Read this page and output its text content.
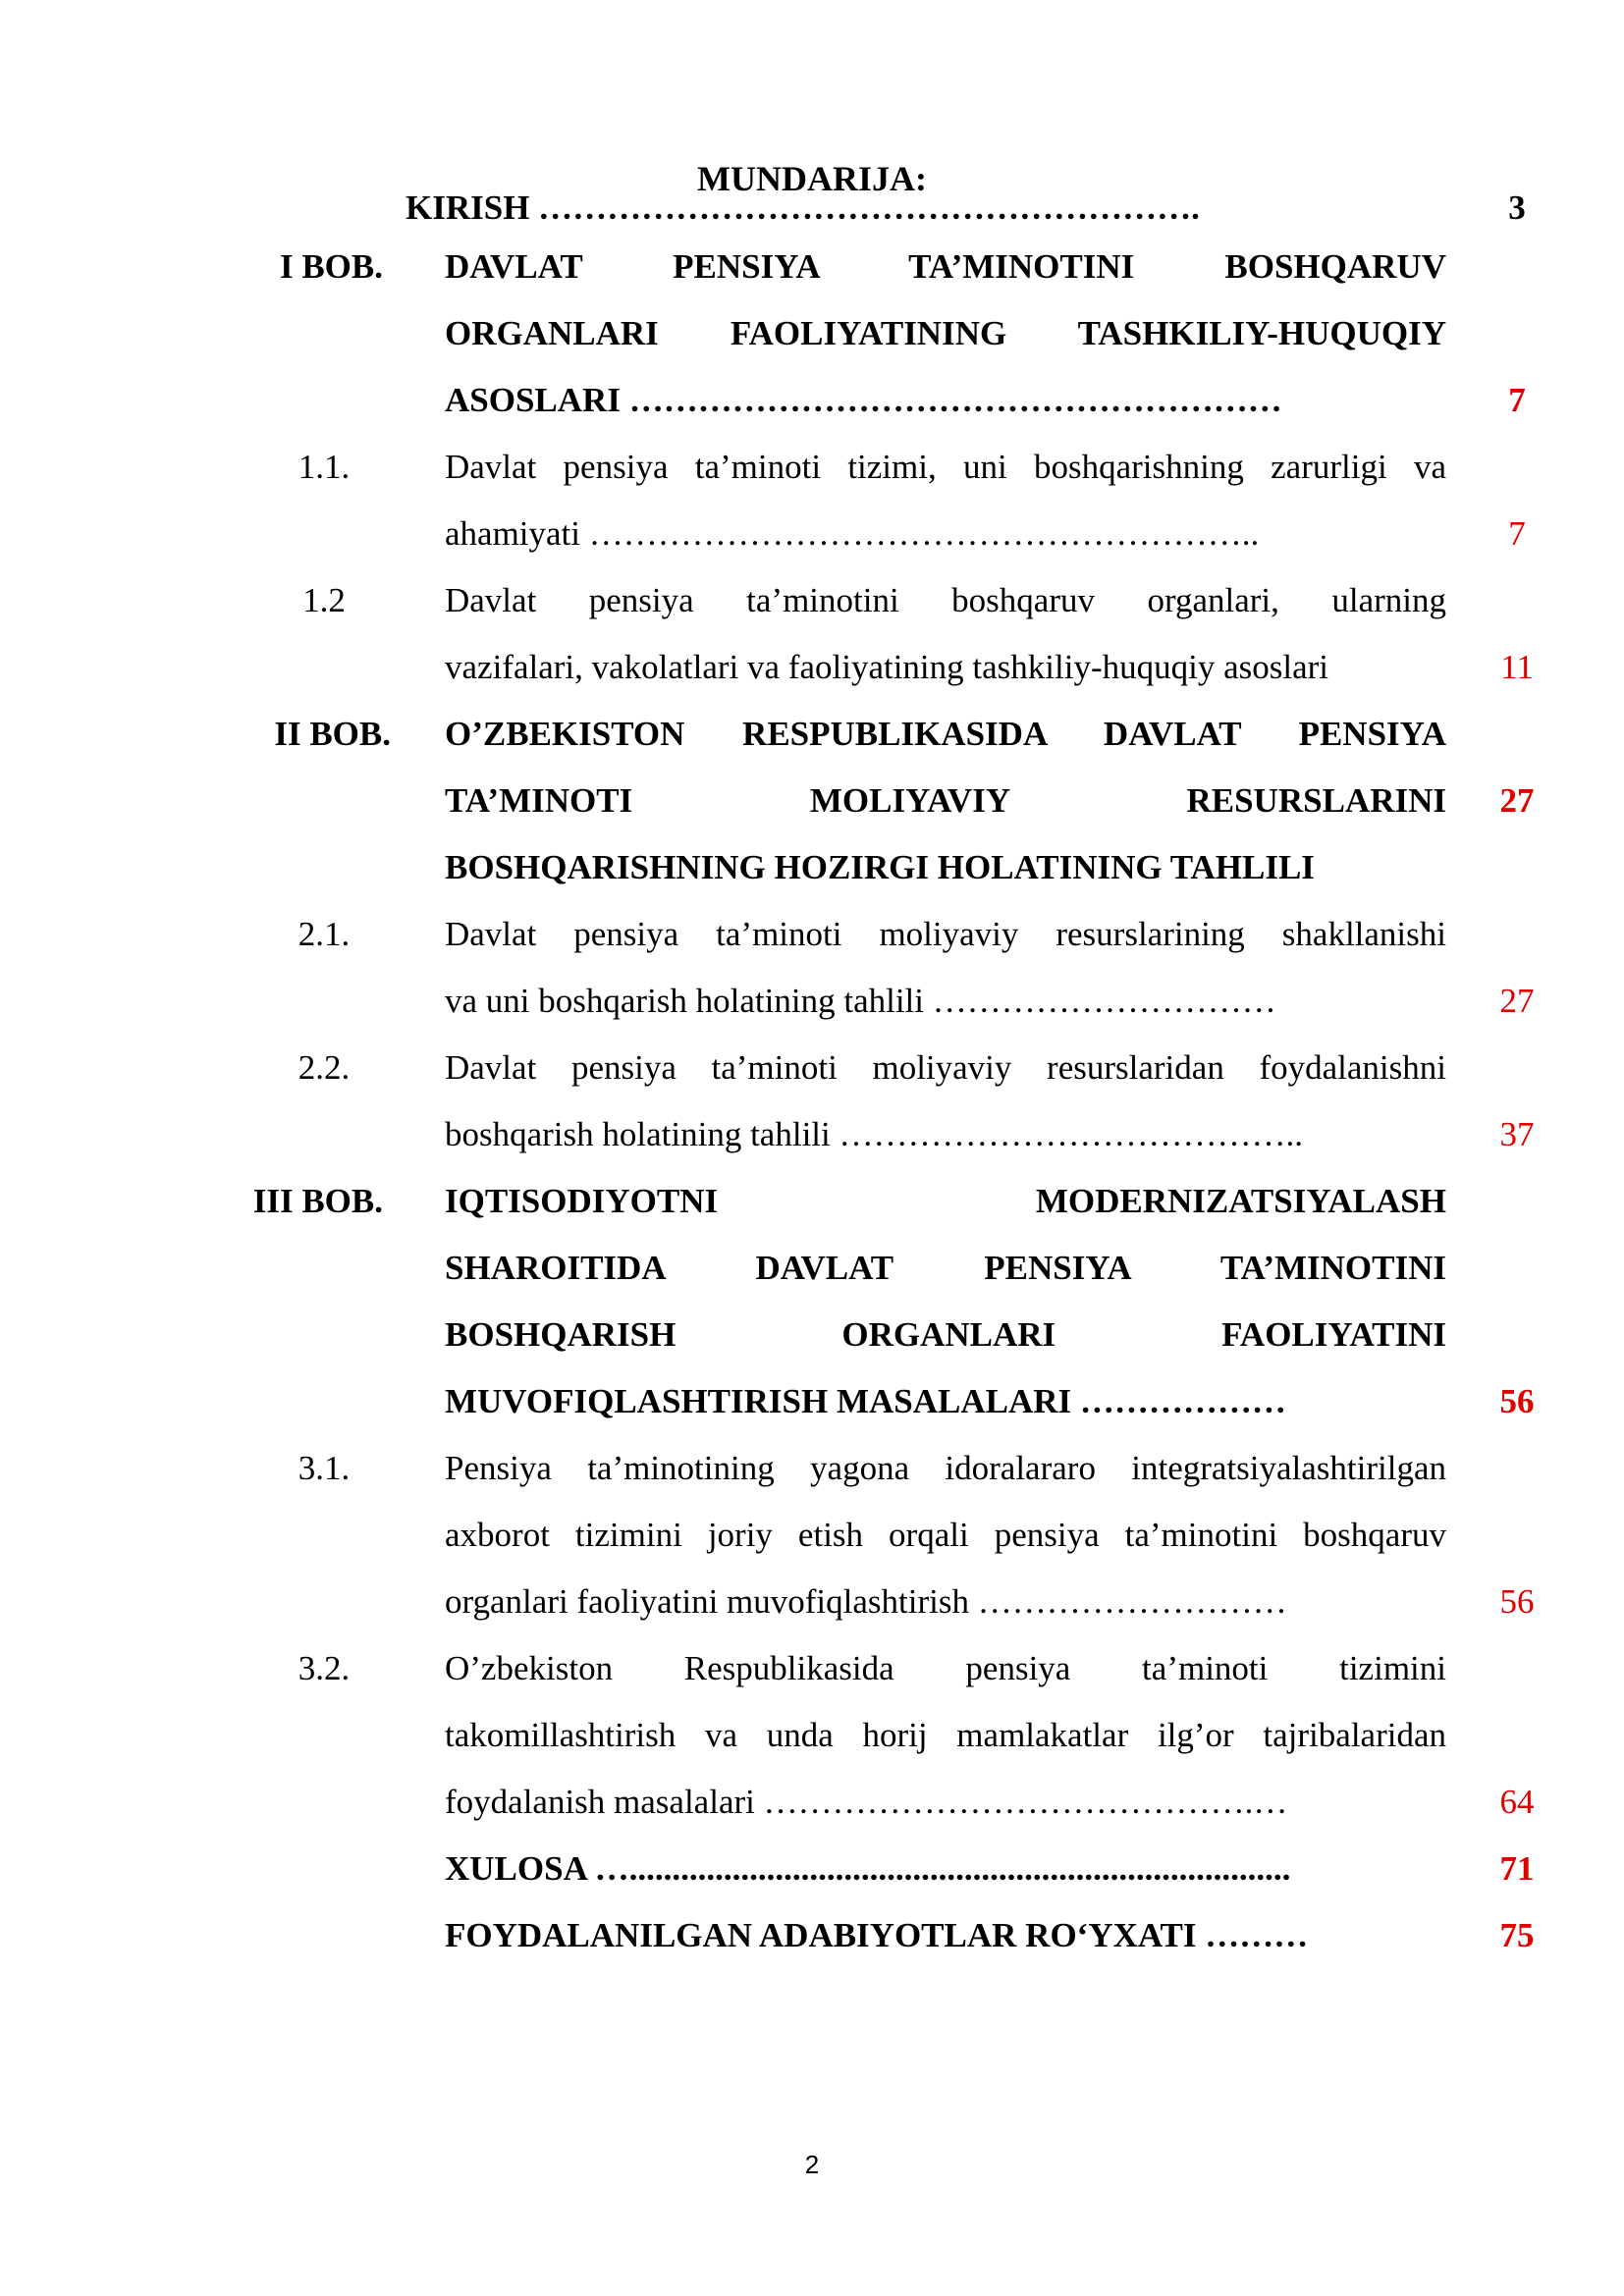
MUNDARIJA:
KIRISH ………………………………………………….	3
I BOB. DAVLAT PENSIYA TA’MINOTINI BOSHQARUV
ORGANLARI FAOLIYATINING TASHKILIY-HUQUQIY
ASOSLARI …………………………………………………	7
1.1.	Davlat pensiya ta’minoti tizimi, uni boshqarishning zarurligi va
ahamiyati …………………………………………………..	7
1.2	Davlat pensiya ta’minotini boshqaruv organlari, ularning
vazifalari, vakolatlari va faoliyatining tashkiliy-huquqiy asoslari	11
II BOB. O’ZBEKISTON RESPUBLIKASIDA DAVLAT PENSIYA
TA’MINOTI MOLIYAVIY RESURSLARINI	27
BOSHQARISHNING HOZIRGI HOLATINING TAHLILI
2.1.	Davlat pensiya ta’minoti moliyaviy resurslarining shakllanishi
va uni boshqarish holatining tahlili …………………………	27
2.2.	Davlat pensiya ta’minoti moliyaviy resurslaridan foydalanishni
boshqarish holatining tahlili …………………………………..	37
III BOB. IQTISODIYOTNI MODERNIZATSIYALASH
SHAROITIDA DAVLAT PENSIYA TA’MINOTINI
BOSHQARISH ORGANLARI FAOLIYATINI
MUVOFIQLASHTIRISH MASALALARI ………………	56
3.1.	Pensiya ta’minotining yagona idoralararo integratsiyalashtirilgan
axborot tizimini joriy etish orqali pensiya ta’minotini boshqaruv
organlari faoliyatini muvofiqlashtirish ………………………	56
3.2.	O’zbekiston Respublikasida pensiya ta’minoti tizimini
takomillashtirish va unda horij mamlakatlar ilg’or tajribalaridan
foydalanish masalalari …………………………………….…	64
XULOSA ….............................................................................	71
FOYDALANILGAN ADABIYOTLAR RO‘YXATI ………	75
2
